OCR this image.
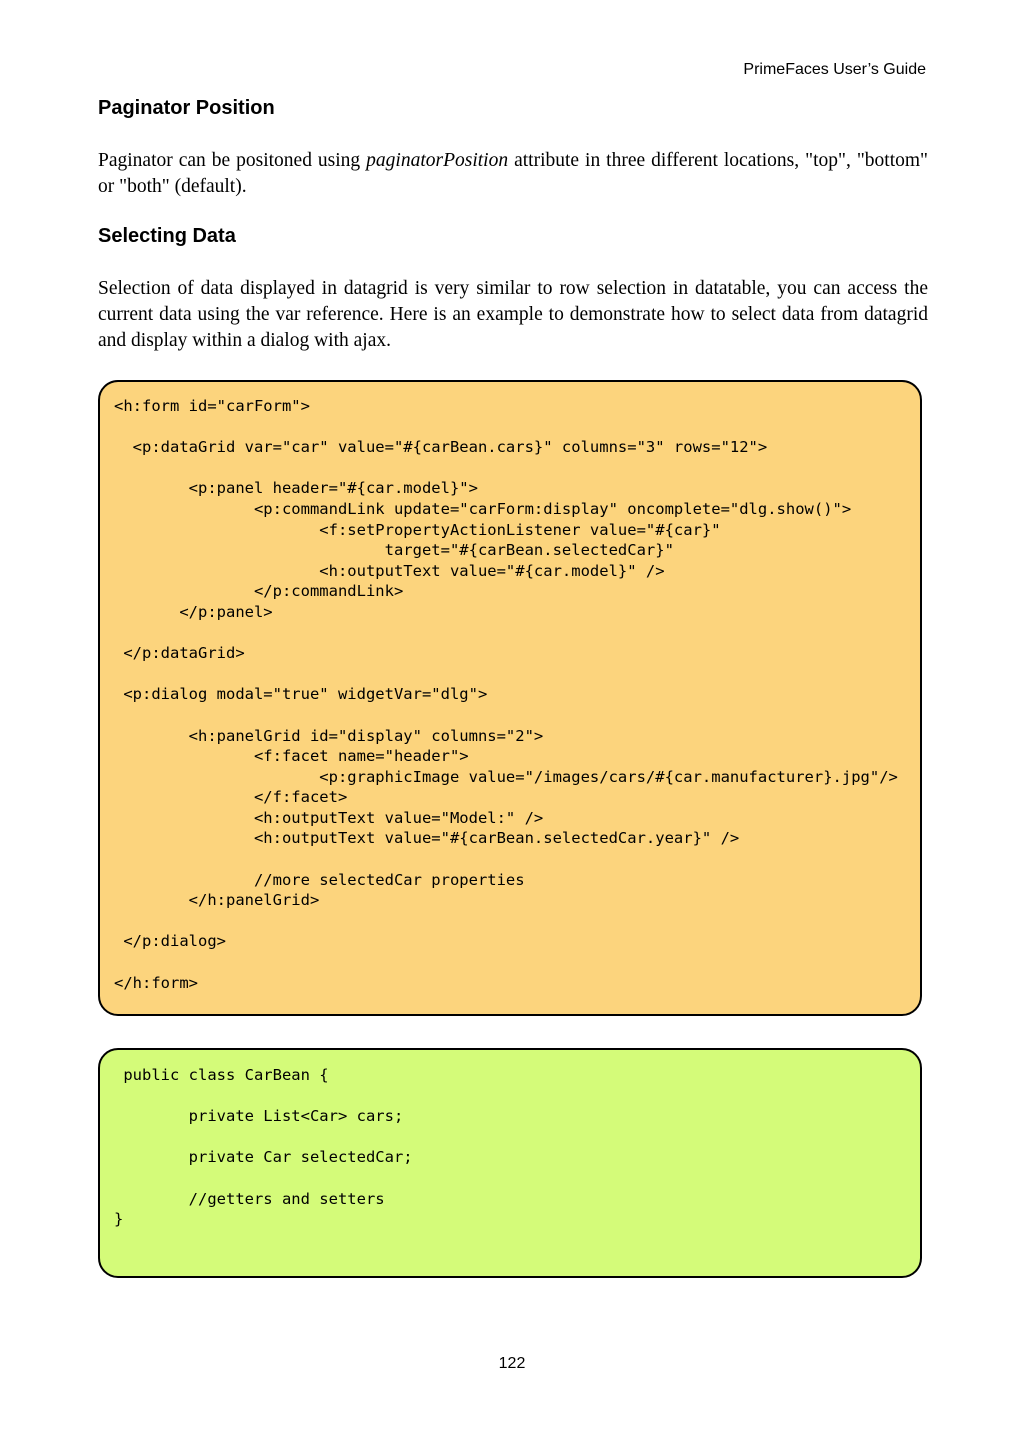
PrimeFaces User’s Guide
Paginator Position

Paginator can be positoned using paginatorPosition attribute in three different locations, "top", "bottom" or "both" (default).

Selecting Data

Selection of data displayed in datagrid is very similar to row selection in datatable, you can access the current data using the var reference. Here is an example to demonstrate how to select data from datagrid and display within a dialog with ajax.

<h:form id="carForm">
<p:dataGrid var="car" value="#{carBean.cars}" columns="3" rows="12">
<p:panel header="#{car.model}">
<p:commandLink update="carForm:display" oncomplete="dlg.show()">
<f:setPropertyActionListener value="#{car}"
target="#{carBean.selectedCar}"
<h:outputText value="#{car.model}" />
</p:commandLink>
</p:panel>
</p:dataGrid>
<p:dialog modal="true" widgetVar="dlg">
<h:panelGrid id="display" columns="2">
<f:facet name="header">
<p:graphicImage value="/images/cars/#{car.manufacturer}.jpg"/>
</f:facet>
<h:outputText value="Model:" />
<h:outputText value="#{carBean.selectedCar.year}" />
//more selectedCar properties
</h:panelGrid>
</p:dialog>
</h:form>
public class CarBean {
private List<Car> cars;
private Car selectedCar;
//getters and setters
}
122
